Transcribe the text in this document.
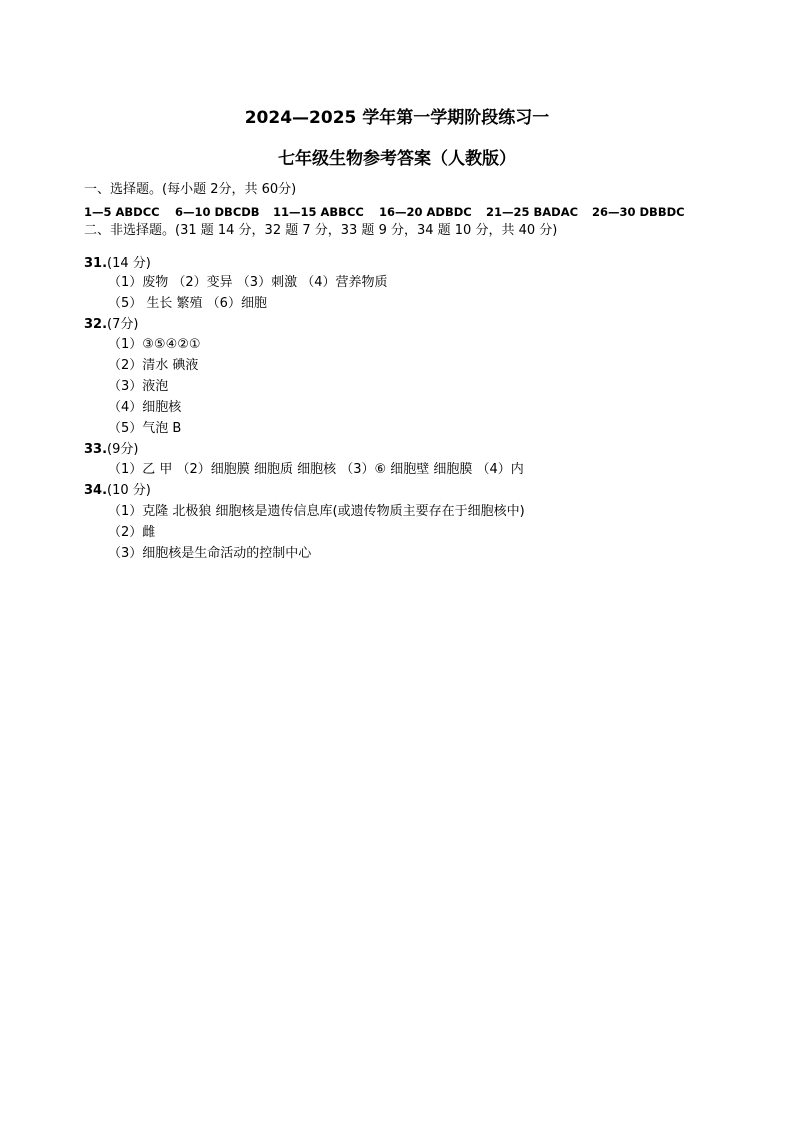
2024—2025 学年第一学期阶段练习一
七年级生物参考答案（人教版）
一、选择题。(每小题 2分，共 60分)
1—5 ABDCC 6—10 DBCDB 11—15 ABBCC 16—20 ADBDC 21—25 BADAC 26—30 DBBDC
二、非选择题。(31 题 14 分，32 题 7 分，33 题 9 分，34 题 10 分，共 40 分)
31.(14 分)
（1）废物 （2）变异 （3）刺激 （4）营养物质
（5） 生长 繁殖 （6）细胞
32.(7分)
（1）③⑤④②①
（2）清水 碘液
（3）液泡
（4）细胞核
（5）气泡 B
33.(9分)
（1）乙 甲 （2）细胞膜 细胞质 细胞核 （3）⑥ 细胞壁 细胞膜 （4）内
34.(10 分)
（1）克隆 北极狼 细胞核是遗传信息库(或遗传物质主要存在于细胞核中)
（2）雌
（3）细胞核是生命活动的控制中心
